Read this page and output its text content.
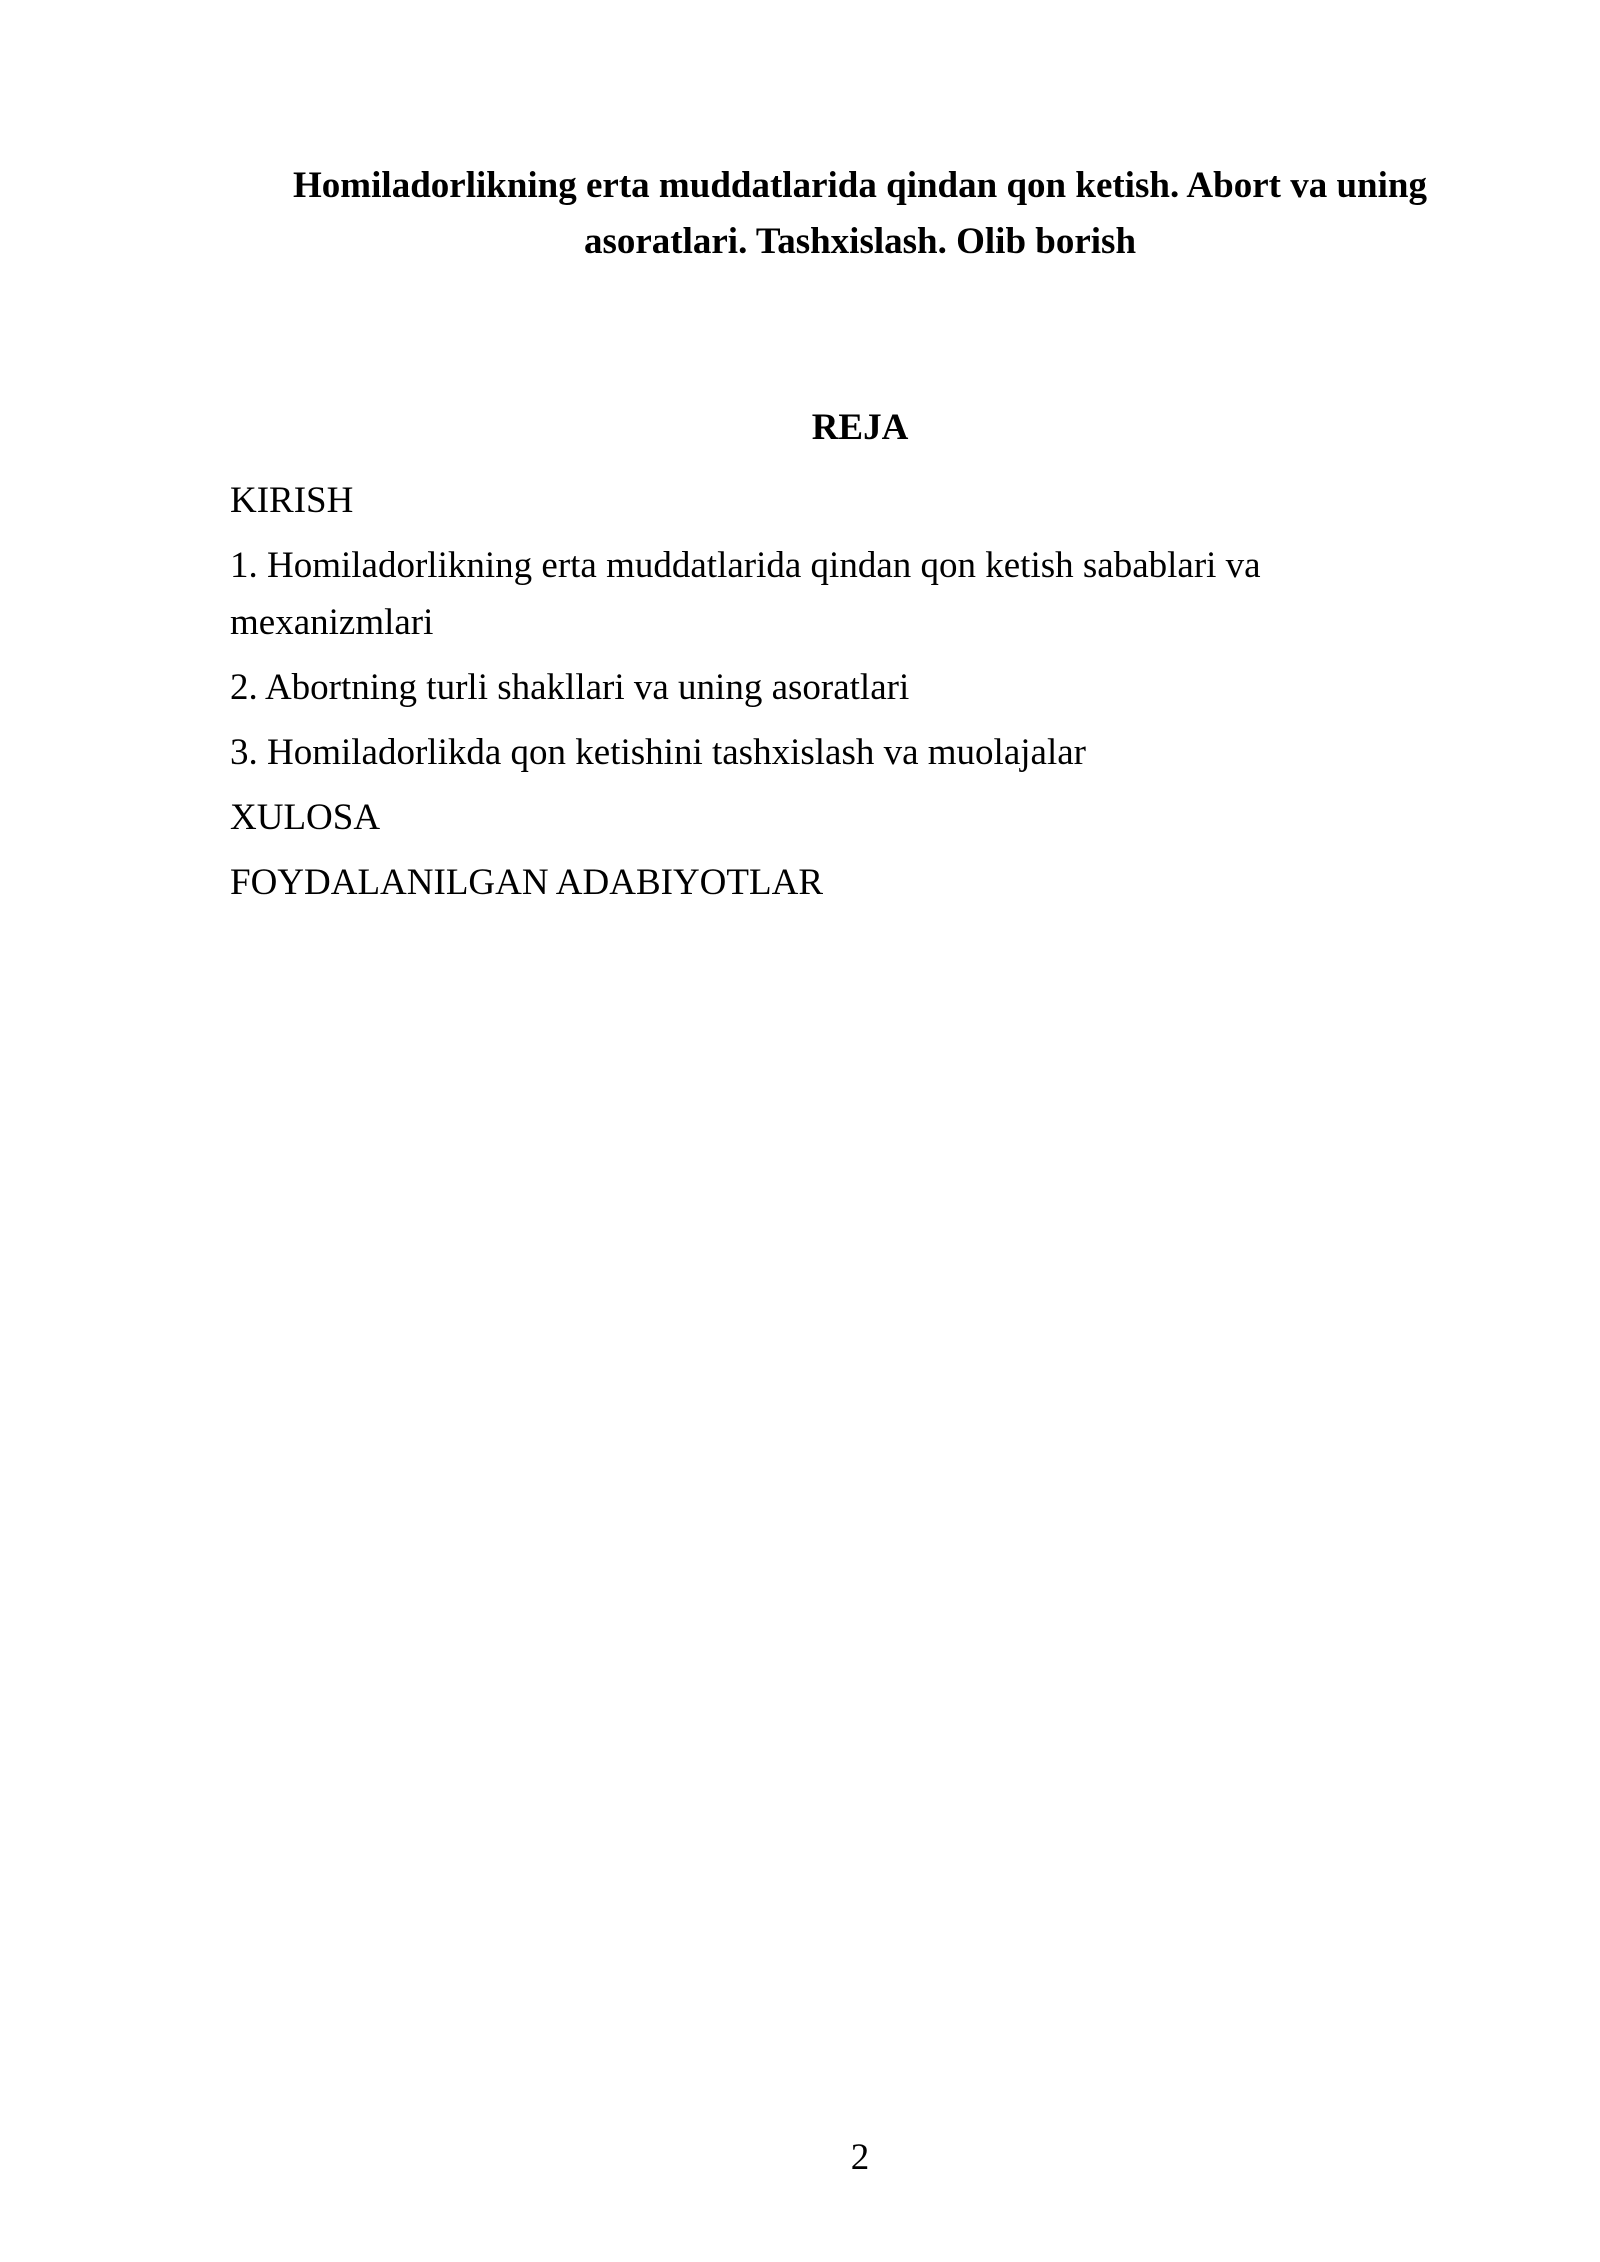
Homiladorlikning erta muddatlarida qindan qon ketish. Abort va uning
asoratlari. Tashxislash. Olib borish
REJA
KIRISH
1. Homiladorlikning erta muddatlarida qindan qon ketish sabablari va mexanizmlari
2. Abortning turli shakllari va uning asoratlari
3. Homiladorlikda qon ketishini tashxislash va muolajalar
XULOSA
FOYDALANILGAN ADABIYOTLAR
2
